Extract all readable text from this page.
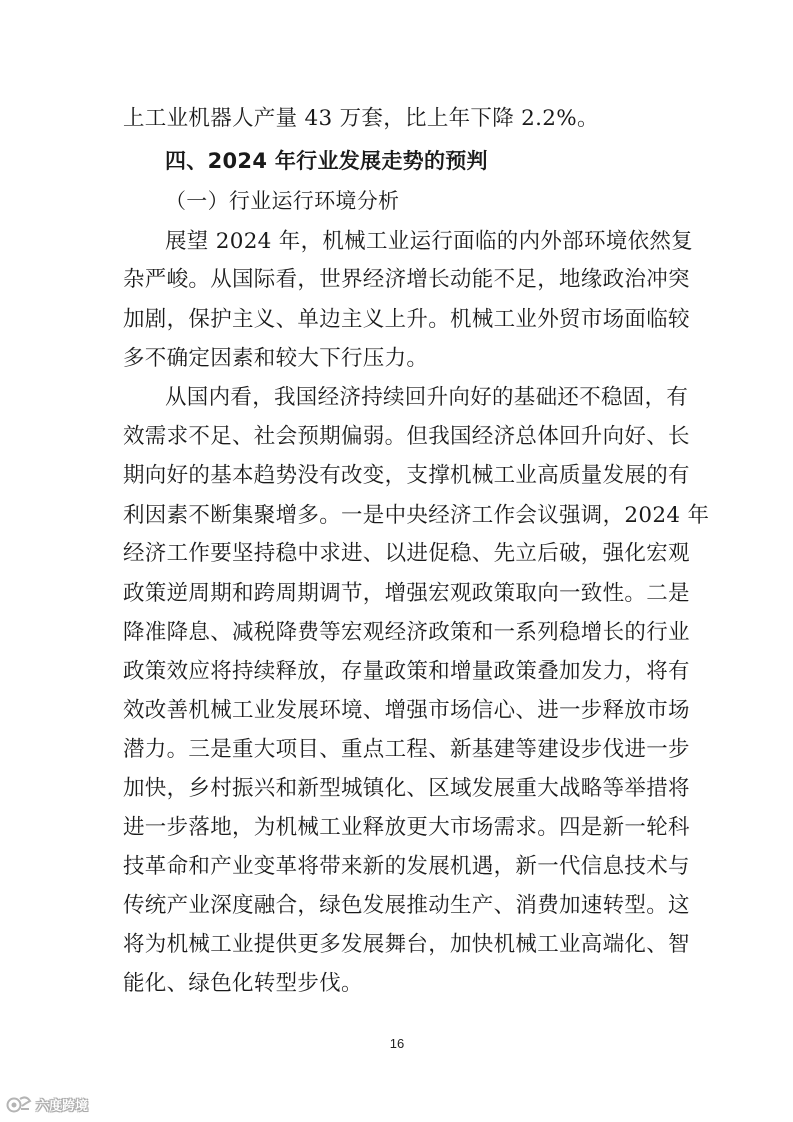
上工业机器人产量 43 万套，比上年下降 2.2%。
四、2024 年行业发展走势的预判
（一）行业运行环境分析
展望 2024 年，机械工业运行面临的内外部环境依然复
杂严峻。从国际看，世界经济增长动能不足，地缘政治冲突
加剧，保护主义、单边主义上升。机械工业外贸市场面临较
多不确定因素和较大下行压力。
从国内看，我国经济持续回升向好的基础还不稳固，有
效需求不足、社会预期偏弱。但我国经济总体回升向好、长
期向好的基本趋势没有改变，支撑机械工业高质量发展的有
利因素不断集聚增多。一是中央经济工作会议强调，2024 年
经济工作要坚持稳中求进、以进促稳、先立后破，强化宏观
政策逆周期和跨周期调节，增强宏观政策取向一致性。二是
降准降息、减税降费等宏观经济政策和一系列稳增长的行业
政策效应将持续释放，存量政策和增量政策叠加发力，将有
效改善机械工业发展环境、增强市场信心、进一步释放市场
潜力。三是重大项目、重点工程、新基建等建设步伐进一步
加快，乡村振兴和新型城镇化、区域发展重大战略等举措将
进一步落地，为机械工业释放更大市场需求。四是新一轮科
技革命和产业变革将带来新的发展机遇，新一代信息技术与
传统产业深度融合，绿色发展推动生产、消费加速转型。这
将为机械工业提供更多发展舞台，加快机械工业高端化、智
能化、绿色化转型步伐。
16
六度跨境
